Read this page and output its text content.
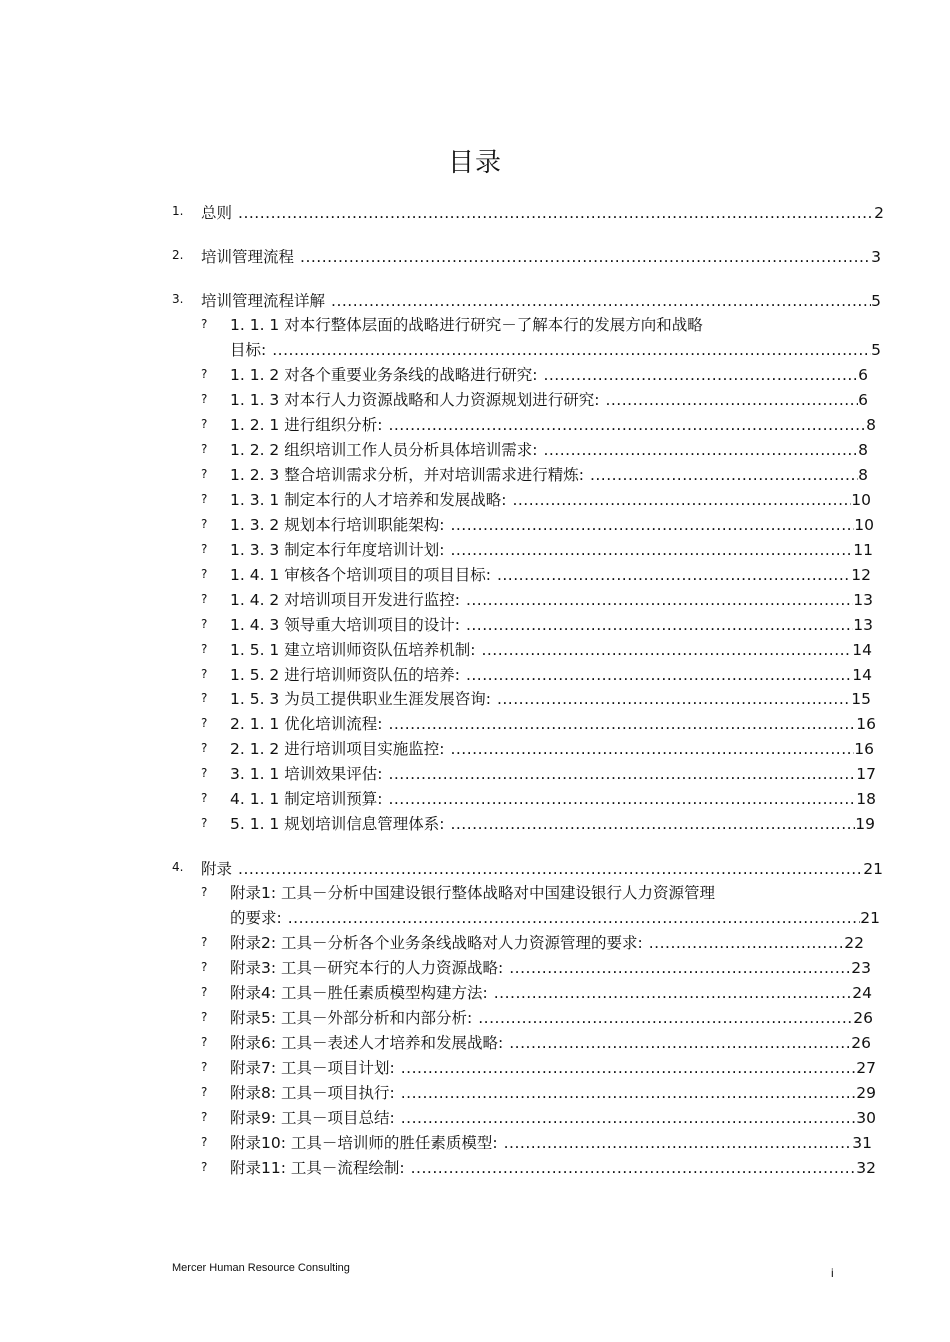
目录
1. 总则 .....	2
2. 培训管理流程 .....	3
3. 培训管理流程详解 .....	5
? 1. 1. 1 对本行整体层面的战略进行研究－了解本行的发展方向和战略
目标: .....	5
? 1. 1. 2 对各个重要业务条线的战略进行研究: .....	6
? 1. 1. 3 对本行人力资源战略和人力资源规划进行研究: .....	6
? 1. 2. 1 进行组织分析: .....	8
? 1. 2. 2 组织培训工作人员分析具体培训需求: .....	8
? 1. 2. 3 整合培训需求分析，并对培训需求进行精炼: .....	8
? 1. 3. 1 制定本行的人才培养和发展战略: .....	10
? 1. 3. 2 规划本行培训职能架构: .....	10
? 1. 3. 3 制定本行年度培训计划: .....	11
? 1. 4. 1 审核各个培训项目的项目目标: .....	12
? 1. 4. 2 对培训项目开发进行监控: .....	13
? 1. 4. 3 领导重大培训项目的设计: .....	13
? 1. 5. 1 建立培训师资队伍培养机制: .....	14
? 1. 5. 2 进行培训师资队伍的培养: .....	14
? 1. 5. 3 为员工提供职业生涯发展咨询: .....	15
? 2. 1. 1 优化培训流程: .....	16
? 2. 1. 2 进行培训项目实施监控: .....	16
? 3. 1. 1 培训效果评估: .....	17
? 4. 1. 1 制定培训预算: .....	18
? 5. 1. 1 规划培训信息管理体系: .....	19
4. 附录 .....	21
? 附录1: 工具－分析中国建设银行整体战略对中国建设银行人力资源管理
的要求: .....	21
? 附录2: 工具－分析各个业务条线战略对人力资源管理的要求: .....	22
? 附录3: 工具－研究本行的人力资源战略: .....	23
? 附录4: 工具－胜任素质模型构建方法: .....	24
? 附录5: 工具－外部分析和内部分析: .....	26
? 附录6: 工具－表述人才培养和发展战略: .....	26
? 附录7: 工具－项目计划: .....	27
? 附录8: 工具－项目执行: .....	29
? 附录9: 工具－项目总结: .....	30
? 附录10: 工具－培训师的胜任素质模型: .....	31
? 附录11: 工具－流程绘制: .....	32
Mercer Human Resource Consulting	i
